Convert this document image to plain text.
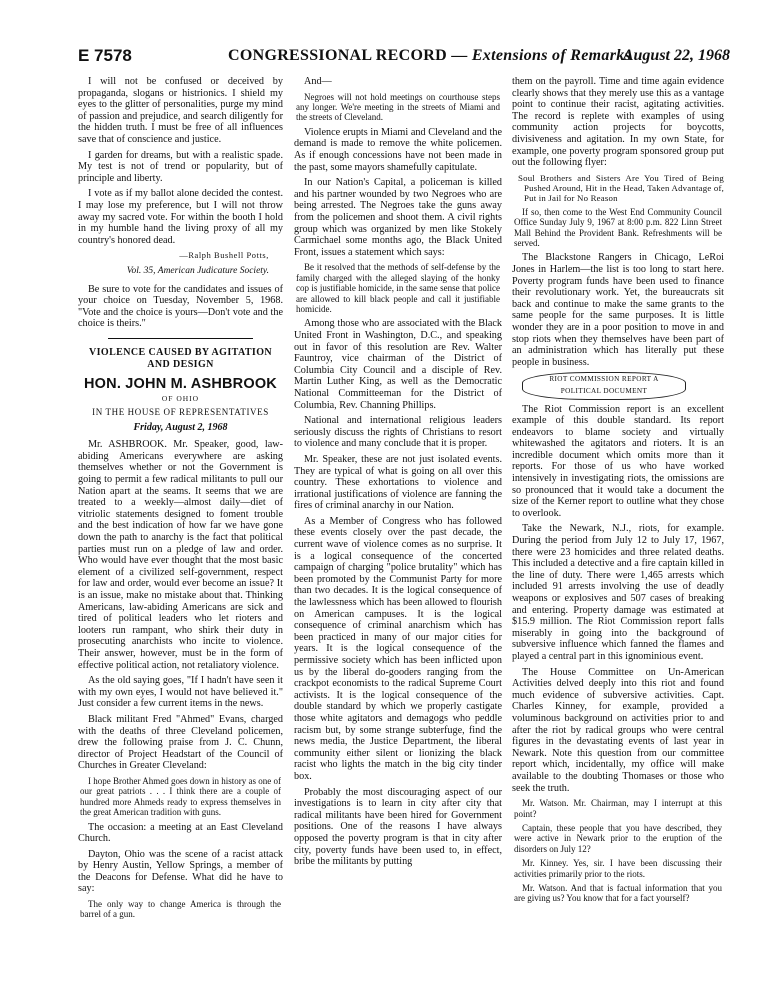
E 7578	CONGRESSIONAL RECORD — Extensions of Remarks
August 22, 1968

I will not be confused or deceived by propaganda, slogans or histrionics. I shield my eyes to the glitter of personalities, purge my mind of passion and prejudice, and search diligently for the hidden truth. I must be free of all influences save that of conscience and justice.

I garden for dreams, but with a realistic spade. My test is not of trend or popularity, but of principle and liberty.

I vote as if my ballot alone decided the contest. I may lose my preference, but I will not throw away my sacred vote. For within the booth I hold in my humble hand the living proxy of all my country's honored dead.

—Ralph Bushell Potts,

Vol. 35, American Judicature Society.

Be sure to vote for the candidates and issues of your choice on Tuesday, November 5, 1968. "Vote and the choice is yours—Don't vote and the choice is theirs."

VIOLENCE CAUSED BY AGITATION AND DESIGN

HON. JOHN M. ASHBROOK
OF OHIO
IN THE HOUSE OF REPRESENTATIVES
Friday, August 2, 1968

Mr. ASHBROOK. Mr. Speaker, good, law-abiding Americans everywhere are asking themselves whether or not the Government is going to permit a few radical militants to pull our Nation apart at the seams. It seems that we are treated to a weekly—almost daily—diet of vitriolic statements designed to foment trouble and the best indication of how far we have gone down the path to anarchy is the fact that political parties must run on a pledge of law and order. Who would have ever thought that the most basic element of a civilized self-government, respect for law and order, would ever become an issue? It is an issue, make no mistake about that. Thinking Americans, law-abiding Americans are sick and tired of political leaders who let rioters and looters run rampant, who shirk their duty in prosecuting anarchists who incite to violence. Their answer, however, must be in the form of effective political action, not retaliatory violence.

As the old saying goes, "If I hadn't have seen it with my own eyes, I would not have believed it." Just consider a few current items in the news.

Black militant Fred "Ahmed" Evans, charged with the deaths of three Cleveland policemen, drew the following praise from J. C. Chunn, director of Project Headstart of the Council of Churches in Greater Cleveland:

I hope Brother Ahmed goes down in history as one of our great patriots . . . I think there are a couple of hundred more Ahmeds ready to express themselves in the great American tradition with guns.

The occasion: a meeting at an East Cleveland Church.

Dayton, Ohio was the scene of a racist attack by Henry Austin, Yellow Springs, a member of the Deacons for Defense. What did he have to say:

The only way to change America is through the barrel of a gun.

And—

Negroes will not hold meetings on courthouse steps any longer. We're meeting in the streets of Miami and the streets of Cleveland.

Violence erupts in Miami and Cleveland and the demand is made to remove the white policemen. As if enough concessions have not been made in the past, some mayors shamefully capitulate.

In our Nation's Capital, a policeman is killed and his partner wounded by two Negroes who are being arrested. The Negroes take the guns away from the policemen and shoot them. A civil rights group which was organized by men like Stokely Carmichael some months ago, the Black United Front, issues a statement which says:

Be it resolved that the methods of self-defense by the family charged with the alleged slaying of the honky cop is justifiable homicide, in the same sense that police are allowed to kill black people and call it justifiable homicide.

Among those who are associated with the Black United Front in Washington, D.C., and speaking out in favor of this resolution are Rev. Walter Fauntroy, vice chairman of the District of Columbia City Council and a disciple of Rev. Martin Luther King, as well as the Democratic National Committeeman for the District of Columbia, Rev. Channing Phillips.

National and international religious leaders seriously discuss the rights of Christians to resort to violence and many conclude that it is proper.

Mr. Speaker, these are not just isolated events. They are typical of what is going on all over this country. These exhortations to violence and irrational justifications of violence are fanning the fires of criminal anarchy in our Nation.

As a Member of Congress who has followed these events closely over the past decade, the current wave of violence comes as no surprise. It is a logical consequence of the concerted campaign of charging "police brutality" which has been promoted by the Communist Party for more than two decades. It is the logical consequence of the lawlessness which has been allowed to flourish on American campuses. It is the logical consequence of criminal anarchism which has been practiced in many of our major cities for years. It is the logical consequence of the permissive society which has been inflicted upon us by the liberal do-gooders ranging from the crackpot economists to the radical Supreme Court activists. It is the logical consequence of the double standard by which we properly castigate those white agitators and demagogs who peddle racism but, by some strange subterfuge, find the news media, the Justice Department, the liberal community either silent or lionizing the black racist who lights the match in the big city tinder box.

Probably the most discouraging aspect of our investigations is to learn in city after city that radical militants have been hired for Government positions. One of the reasons I have always opposed the poverty program is that in city after city, poverty funds have been used to, in effect, bribe the militants by putting

them on the payroll. Time and time again evidence clearly shows that they merely use this as a vantage point to continue their racist, agitating activities. The record is replete with examples of using community action projects for boycotts, divisiveness and agitation. In my own State, for example, one poverty program sponsored group put out the following flyer:

Soul Brothers and Sisters Are You Tired of Being Pushed Around, Hit in the Head, Taken Advantage of, Put in Jail for No Reason

If so, then come to the West End Community Council Office Sunday July 9, 1967 at 8:00 p.m. 822 Linn Street Mall Behind the Provident Bank. Refreshments will be served.

The Blackstone Rangers in Chicago, LeRoi Jones in Harlem—the list is too long to start here. Poverty program funds have been used to finance their revolutionary work. Yet, the bureaucrats sit back and continue to make the same grants to the same people for the same purposes. It is little wonder they are in a poor position to move in and stop riots when they themselves have been part of an administration which has literally put these people in business.

RIOT COMMISSION REPORT A POLITICAL DOCUMENT

The Riot Commission report is an excellent example of this double standard. Its report endeavors to blame society and virtually whitewashed the agitators and rioters. It is an incredible document which omits more than it reports. For those of us who have worked intensively in investigating riots, the omissions are so pronounced that it would take a document the size of the Kerner report to outline what they chose to overlook.

Take the Newark, N.J., riots, for example. During the period from July 12 to July 17, 1967, there were 23 homicides and three related deaths. This included a detective and a fire captain killed in the line of duty. There were 1,465 arrests which included 91 arrests involving the use of deadly weapons or explosives and 507 cases of breaking and entering. Property damage was estimated at $15.9 million. The Riot Commission report falls miserably in going into the background of subversive influence which fanned the flames and played a central part in this ignominious event.

The House Committee on Un-American Activities delved deeply into this riot and found much evidence of subversive activities. Capt. Charles Kinney, for example, provided a voluminous background on activities prior to and after the riot by radical groups who were central figures in the devastating events of last year in Newark. Note this question from our committee report which, incidentally, my office will make available to the doubting Thomases or those who seek the truth.

Mr. Watson. Mr. Chairman, may I interrupt at this point?

Captain, these people that you have described, they were active in Newark prior to the eruption of the disorders on July 12?

Mr. Kinney. Yes, sir. I have been discussing their activities primarily prior to the riots.

Mr. Watson. And that is factual information that you are giving us? You know that for a fact yourself?
